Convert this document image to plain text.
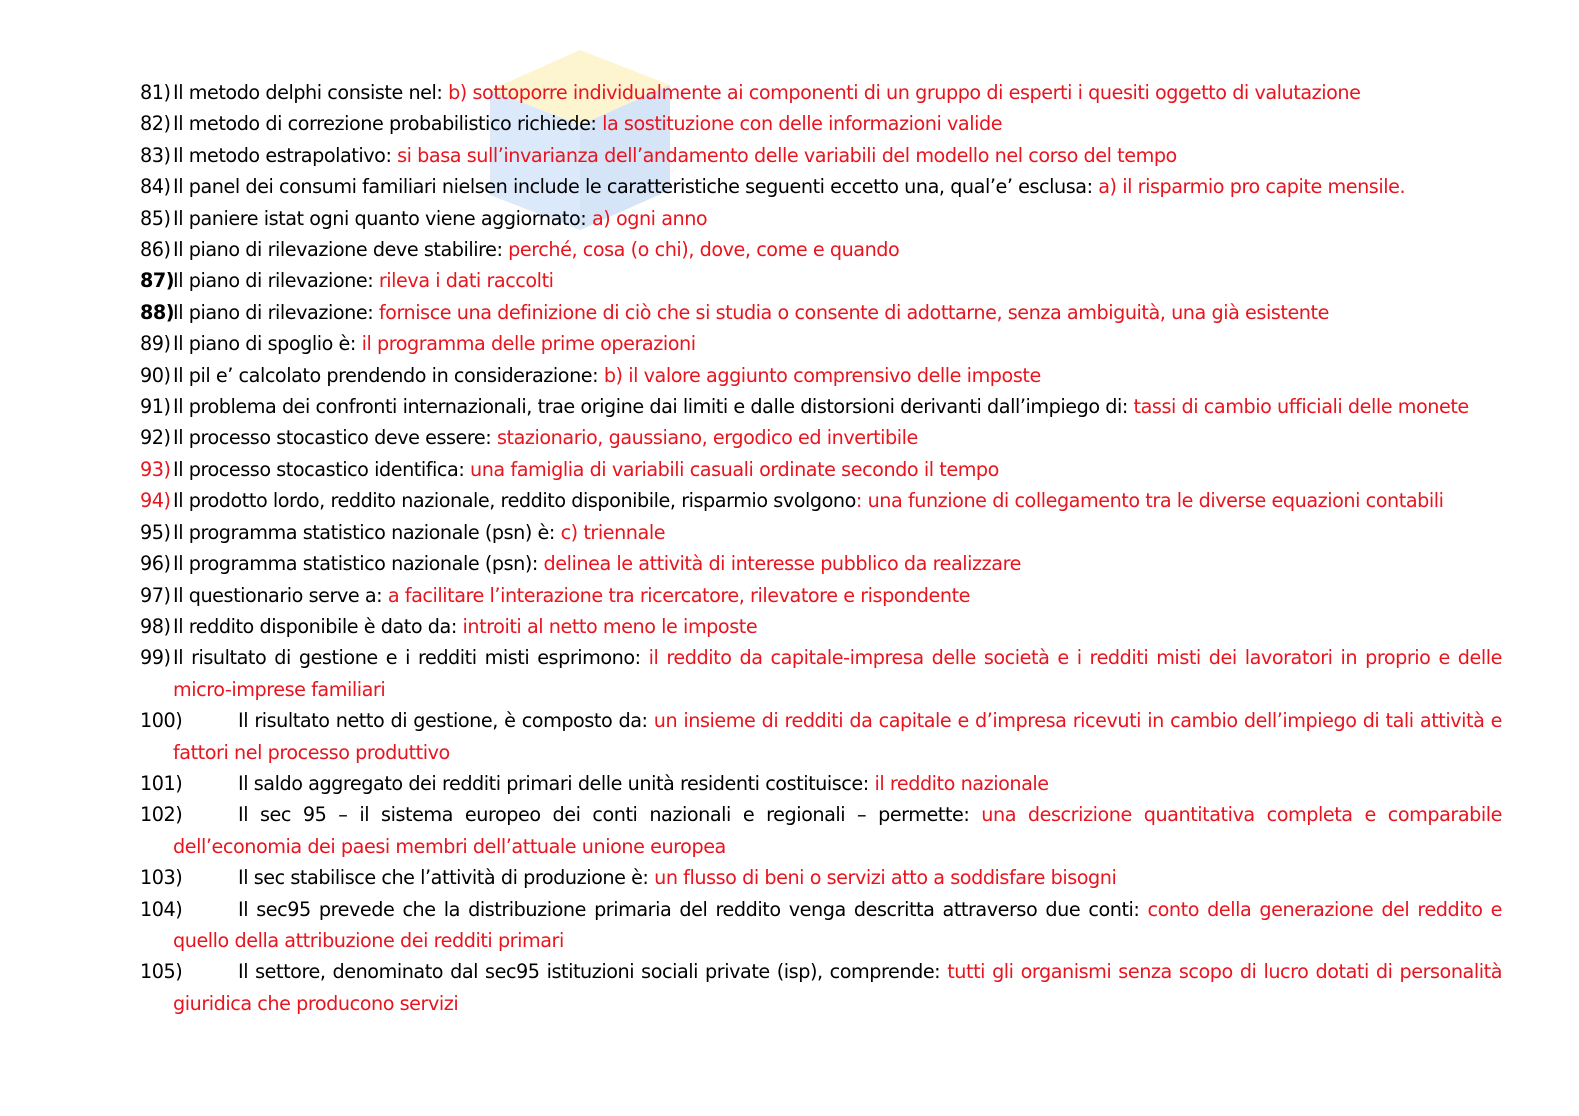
81) Il metodo delphi consiste nel: b) sottoporre individualmente ai componenti di un gruppo di esperti i quesiti oggetto di valutazione
82) Il metodo di correzione probabilistico richiede: la sostituzione con delle informazioni valide
83) Il metodo estrapolativo: si basa sull’invarianza dell’andamento delle variabili del modello nel corso del tempo
84) Il panel dei consumi familiari nielsen include le caratteristiche seguenti eccetto una, qual’e’ esclusa: a) il risparmio pro capite mensile.
85) Il paniere istat ogni quanto viene aggiornato: a) ogni anno
86) Il piano di rilevazione deve stabilire: perché, cosa (o chi), dove, come e quando
87)
Il piano di rilevazione: rileva i dati raccolti
88)
Il piano di rilevazione: fornisce una definizione di ciò che si studia o consente di adottarne, senza ambiguità, una già esistente
89) Il piano di spoglio è: il programma delle prime operazioni
90) Il pil e’ calcolato prendendo in considerazione: b) il valore aggiunto comprensivo delle imposte
91) Il problema dei confronti internazionali, trae origine dai limiti e dalle distorsioni derivanti dall’impiego di: tassi di cambio ufficiali delle monete
92) Il processo stocastico deve essere: stazionario, gaussiano, ergodico ed invertibile
93) Il processo stocastico identifica: una famiglia di variabili casuali ordinate secondo il tempo
94) Il prodotto lordo, reddito nazionale, reddito disponibile, risparmio svolgono: una funzione di collegamento tra le diverse equazioni contabili
95) Il programma statistico nazionale (psn) è: c) triennale
96) Il programma statistico nazionale (psn): delinea le attività di interesse pubblico da realizzare
97) Il questionario serve a: a facilitare l’interazione tra ricercatore, rilevatore e rispondente
98) Il reddito disponibile è dato da: introiti al netto meno le imposte
99) Il risultato di gestione e i redditi misti esprimono: il reddito da capitale-impresa delle società e i redditi misti dei lavoratori in proprio e delle micro-imprese familiari
100)	Il risultato netto di gestione, è composto da: un insieme di redditi da capitale e d’impresa ricevuti in cambio dell’impiego di tali attività e fattori nel processo produttivo
101)	Il saldo aggregato dei redditi primari delle unità residenti costituisce: il reddito nazionale
102)	Il sec 95 – il sistema europeo dei conti nazionali e regionali – permette: una descrizione quantitativa completa e comparabile dell’economia dei paesi membri dell’attuale unione europea
103)	Il sec stabilisce che l’attività di produzione è: un flusso di beni o servizi atto a soddisfare bisogni
104)	Il sec95 prevede che la distribuzione primaria del reddito venga descritta attraverso due conti: conto della generazione del reddito e quello della attribuzione dei redditi primari
105)	Il settore, denominato dal sec95 istituzioni sociali private (isp), comprende: tutti gli organismi senza scopo di lucro dotati di personalità giuridica che producono servizi
